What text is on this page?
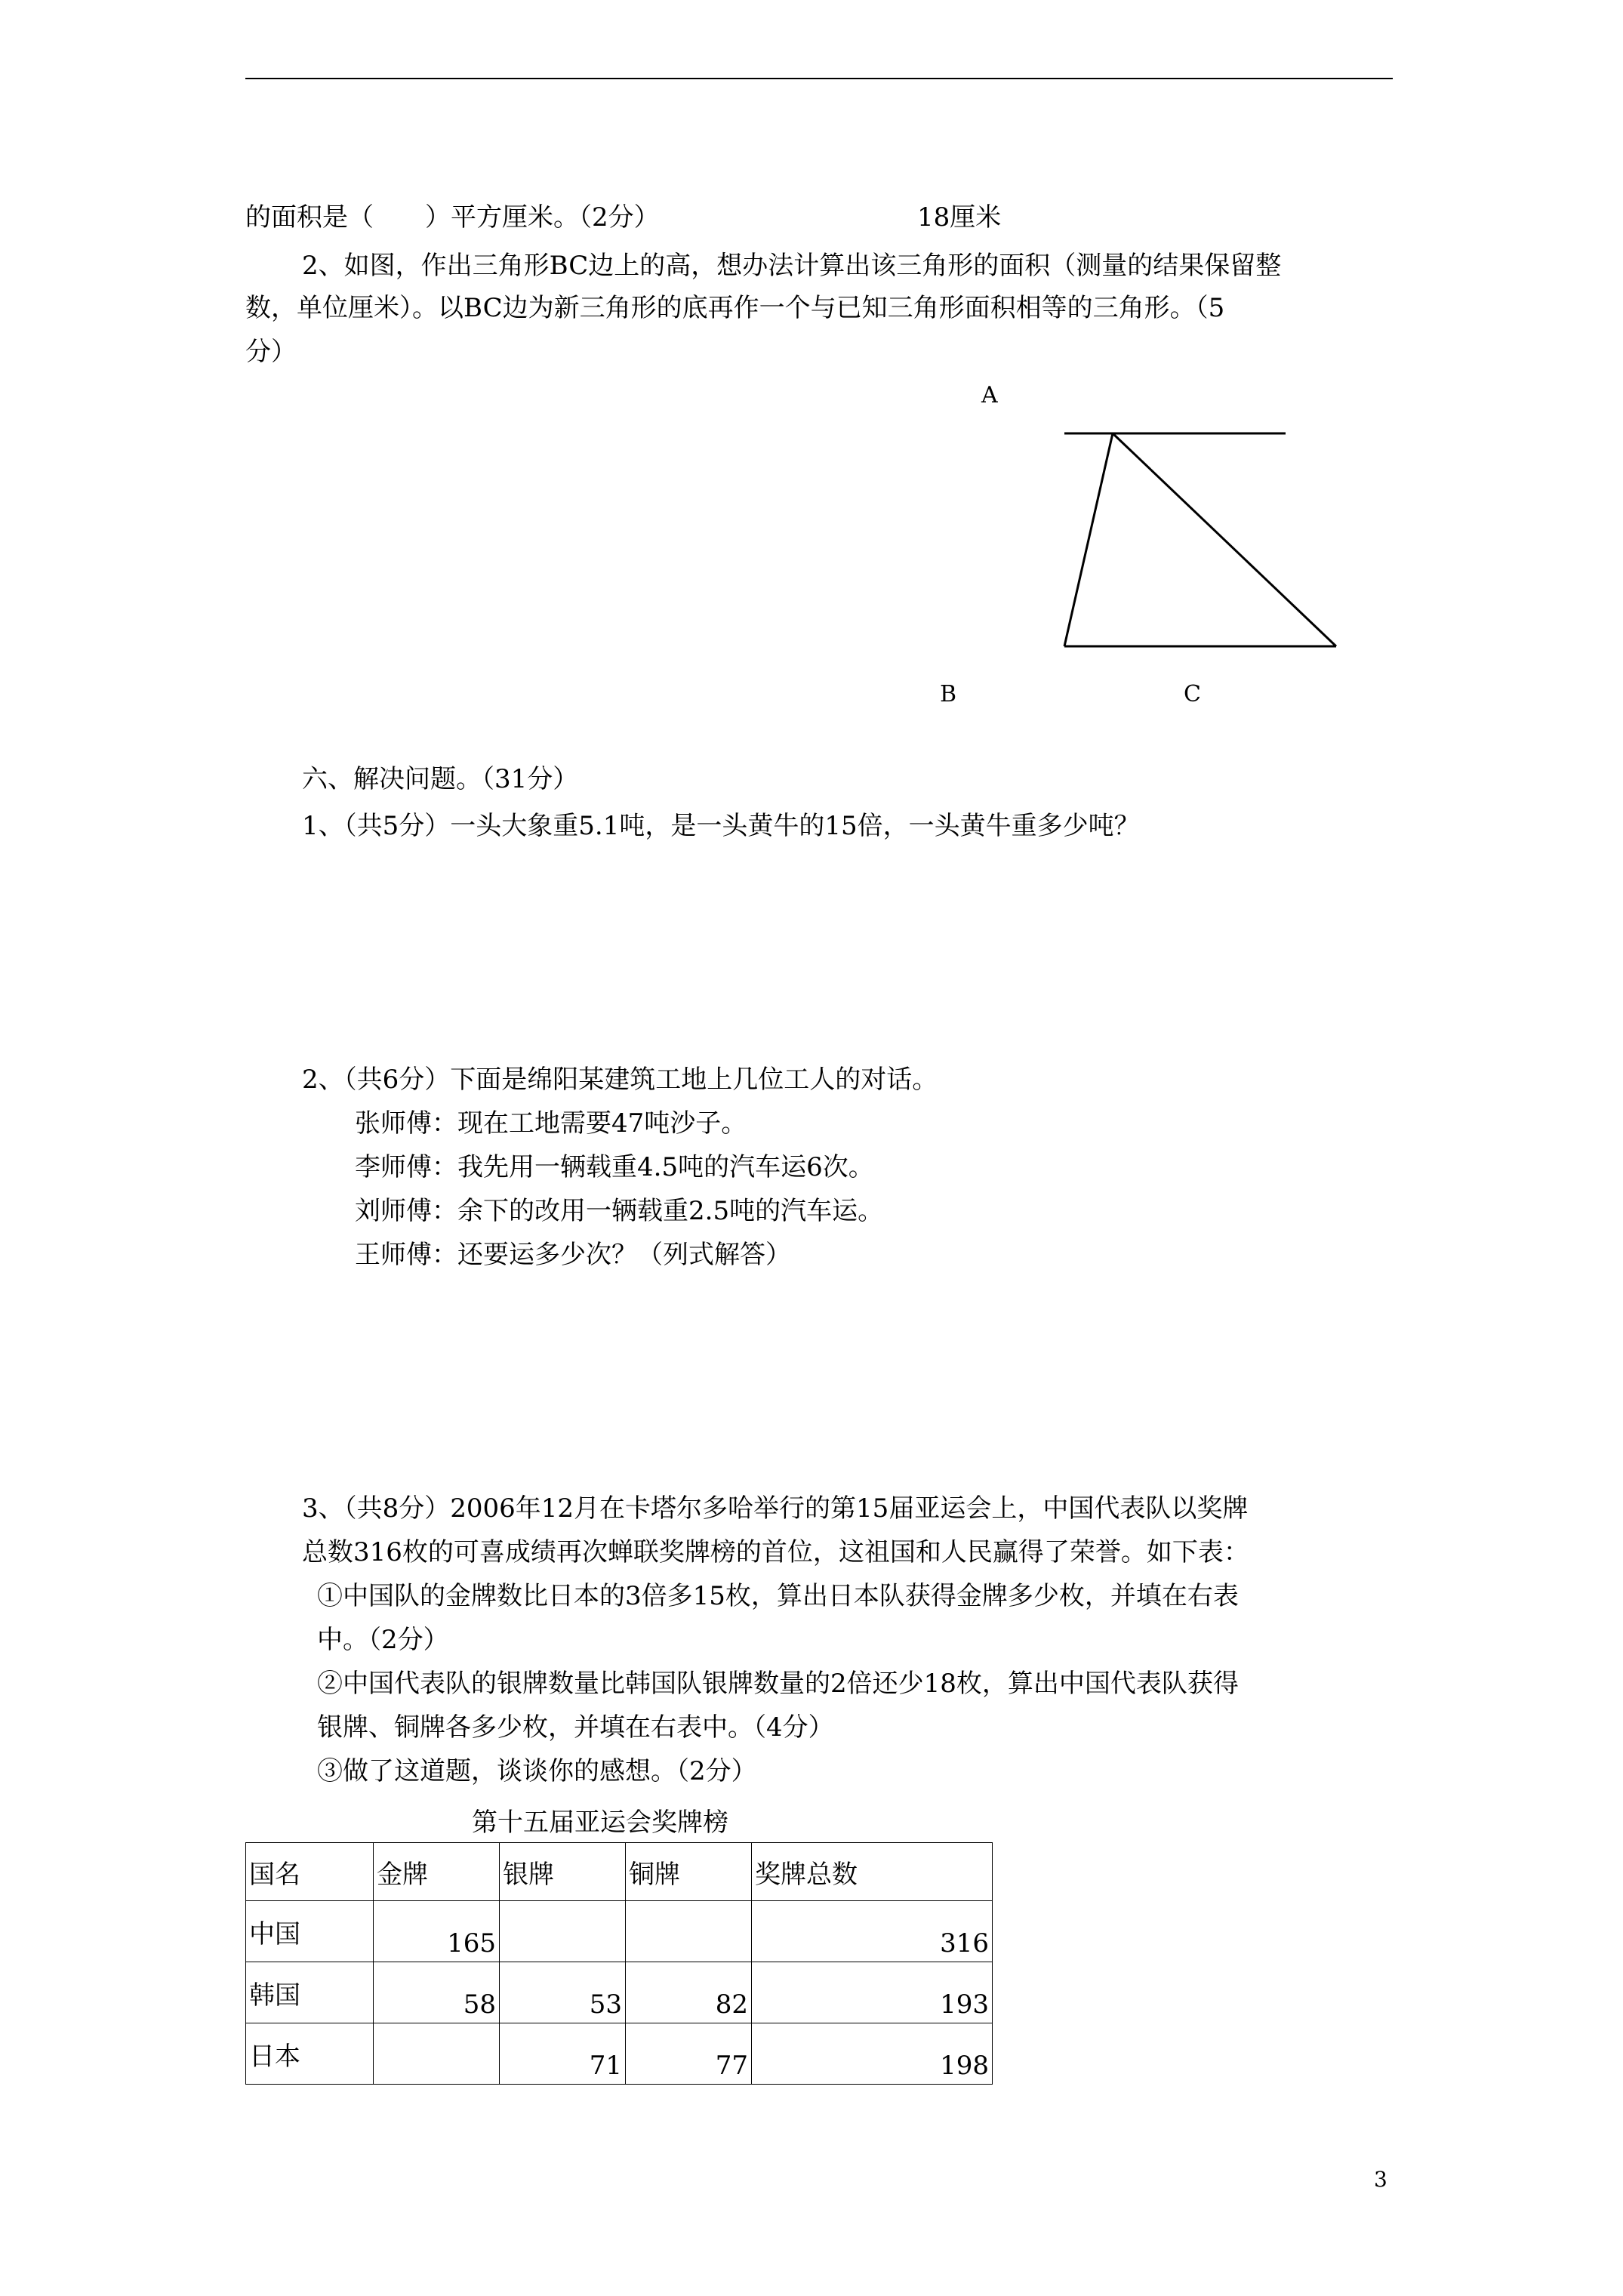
的面积是（　　）平方厘米。（2分）	18厘米
2、如图，作出三角形BC边上的高，想办法计算出该三角形的面积（测量的结果保留整
数，单位厘米）。以BC边为新三角形的底再作一个与已知三角形面积相等的三角形。（5
分）
A
B	C
六、解决问题。（31分）
1、（共5分）一头大象重5.1吨，是一头黄牛的15倍，一头黄牛重多少吨？
2、（共6分）下面是绵阳某建筑工地上几位工人的对话。
张师傅：现在工地需要47吨沙子。
李师傅：我先用一辆载重4.5吨的汽车运6次。
刘师傅：余下的改用一辆载重2.5吨的汽车运。
王师傅：还要运多少次？（列式解答）
3、（共8分）2006年12月在卡塔尔多哈举行的第15届亚运会上，中国代表队以奖牌
总数316枚的可喜成绩再次蝉联奖牌榜的首位，这祖国和人民赢得了荣誉。如下表：
①中国队的金牌数比日本的3倍多15枚，算出日本队获得金牌多少枚，并填在右表
中。（2分）
②中国代表队的银牌数量比韩国队银牌数量的2倍还少18枚，算出中国代表队获得
银牌、铜牌各多少枚，并填在右表中。（4分）
③做了这道题，谈谈你的感想。（2分）
第十五届亚运会奖牌榜
国名	金牌	银牌	铜牌	奖牌总数
中国	165			316
韩国	58	53	82	193
日本		71	77	198
3
